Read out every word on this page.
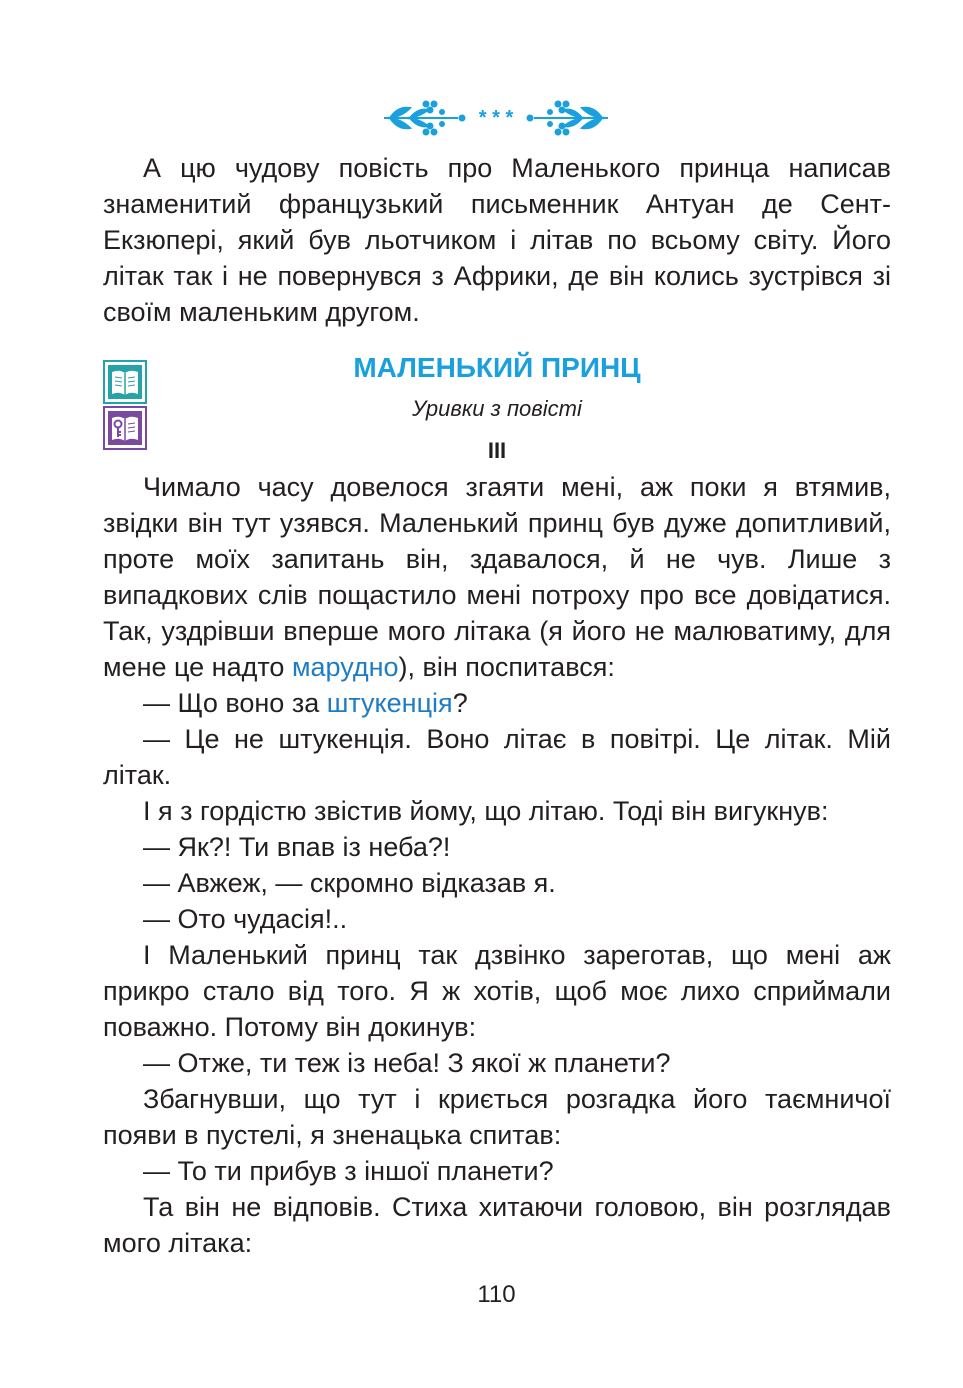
* * *

А цю чудову повість про Маленького принца написав знаменитий французький письменник Антуан де Сент-Екзюпері, який був льотчиком і літав по всьому світу. Його літак так і не повернувся з Африки, де він колись зустрівся зі своїм маленьким другом.

МАЛЕНЬКИЙ ПРИНЦ
Уривки з повісті
III

Чимало часу довелося згаяти мені, аж поки я втямив, звідки він тут узявся. Маленький принц був дуже допитливий, проте моїх запитань він, здавалося, й не чув. Лише з випадкових слів пощастило мені потроху про все довідатися. Так, уздрівши вперше мого літака (я його не малюватиму, для мене це надто марудно), він поспитався:

— Що воно за штукенція?

— Це не штукенція. Воно літає в повітрі. Це літак. Мій літак.

І я з гордістю звістив йому, що літаю. Тоді він вигукнув:

— Як?! Ти впав із неба?!

— Авжеж, — скромно відказав я.

— Ото чудасія!..

І Маленький принц так дзвінко зареготав, що мені аж прикро стало від того. Я ж хотів, щоб моє лихо сприймали поважно. Потому він докинув:

— Отже, ти теж із неба! З якої ж планети?

Збагнувши, що тут і криється розгадка його таємничої появи в пустелі, я зненацька спитав:

— То ти прибув з іншої планети?

Та він не відповів. Стиха хитаючи головою, він розглядав мого літака:

110
